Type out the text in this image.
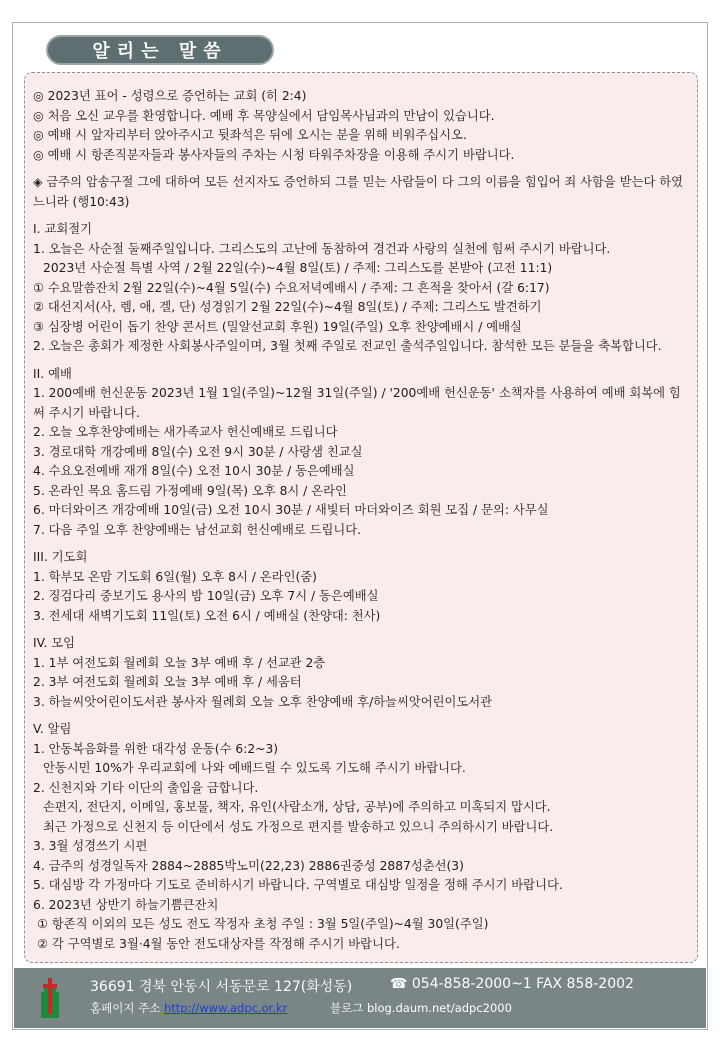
알리는 말씀
◎ 2023년 표어 - 성령으로 증언하는 교회 (히 2:4)
◎ 처음 오신 교우를 환영합니다. 예배 후 목양실에서 담임목사님과의 만남이 있습니다.
◎ 예배 시 앞자리부터 앉아주시고 뒷좌석은 뒤에 오시는 분을 위해 비워주십시오.
◎ 예배 시 항존직분자들과 봉사자들의 주차는 시청 타워주차장을 이용해 주시기 바랍니다.
◈ 금주의 암송구절 그에 대하여 모든 선지자도 증언하되 그를 믿는 사람들이 다 그의 이름을 힘입어 죄 사함을 받는다 하였느니라 (행10:43)
I. 교회절기
1. 오늘은 사순절 둘째주일입니다. 그리스도의 고난에 동참하여 경건과 사랑의 실천에 힘써 주시기 바랍니다.
2023년 사순절 특별 사역 / 2월 22일(수)~4월 8일(토) / 주제: 그리스도를 본받아 (고전 11:1)
① 수요말씀잔치 2월 22일(수)~4월 5일(수) 수요저녁예배시 / 주제: 그 흔적을 찾아서 (갈 6:17)
② 대선지서(사, 렘, 애, 겔, 단) 성경읽기 2월 22일(수)~4월 8일(토) / 주제: 그리스도 발견하기
③ 심장병 어린이 돕기 찬양 콘서트 (밀알선교회 후원) 19일(주일) 오후 찬양예배시 / 예배실
2. 오늘은 총회가 제정한 사회봉사주일이며, 3월 첫째 주일로 전교인 출석주일입니다. 참석한 모든 분들을 축복합니다.
II. 예배
1. 200예배 헌신운동 2023년 1월 1일(주일)~12월 31일(주일) / '200예배 헌신운동' 소책자를 사용하여 예배 회복에 힘써 주시기 바랍니다.
2. 오늘 오후찬양예배는 새가족교사 헌신예배로 드립니다
3. 경로대학 개강예배 8일(수) 오전 9시 30분 / 사랑샘 친교실
4. 수요오전예배 재개 8일(수) 오전 10시 30분 / 동은예배실
5. 온라인 목요 홈드림 가정예배 9일(목) 오후 8시 / 온라인
6. 마더와이즈 개강예배 10일(금) 오전 10시 30분 / 새빛터 마더와이즈 회원 모집 / 문의: 사무실
7. 다음 주일 오후 찬양예배는 남선교회 헌신예배로 드립니다.
III. 기도회
1. 학부모 온맘 기도회 6일(월) 오후 8시 / 온라인(줌)
2. 징검다리 중보기도 용사의 밤 10일(금) 오후 7시 / 동은예배실
3. 전세대 새벽기도회 11일(토) 오전 6시 / 예배실 (찬양대: 천사)
IV. 모임
1. 1부 여전도회 월례회 오늘 3부 예배 후 / 선교관 2층
2. 3부 여전도회 월례회 오늘 3부 예배 후 / 세움터
3. 하늘씨앗어린이도서관 봉사자 월례회 오늘 오후 찬양예배 후/하늘씨앗어린이도서관
V. 알림
1. 안동복음화를 위한 대각성 운동(수 6:2~3)
안동시민 10%가 우리교회에 나와 예배드릴 수 있도록 기도해 주시기 바랍니다.
2. 신천지와 기타 이단의 출입을 금합니다.
손편지, 전단지, 이메일, 홍보물, 책자, 유인(사람소개, 상담, 공부)에 주의하고 미혹되지 맙시다.
최근 가정으로 신천지 등 이단에서 성도 가정으로 편지를 발송하고 있으니 주의하시기 바랍니다.
3. 3월 성경쓰기 시편
4. 금주의 성경일독자 2884~2885박노미(22,23) 2886권중성 2887성춘선(3)
5. 대심방 각 가정마다 기도로 준비하시기 바랍니다. 구역별로 대심방 일정을 정해 주시기 바랍니다.
6. 2023년 상반기 하늘기쁨큰잔치
① 항존직 이외의 모든 성도 전도 작정자 초청 주일 : 3월 5일(주일)~4월 30일(주일)
② 각 구역별로 3월·4월 동안 전도대상자를 작정해 주시기 바랍니다.
36691 경북 안동시 서동문로 127(화성동)	☎ 054-858-2000~1 FAX 858-2002
홈페이지 주소 http://www.adpc.or.kr	블로그 blog.daum.net/adpc2000
